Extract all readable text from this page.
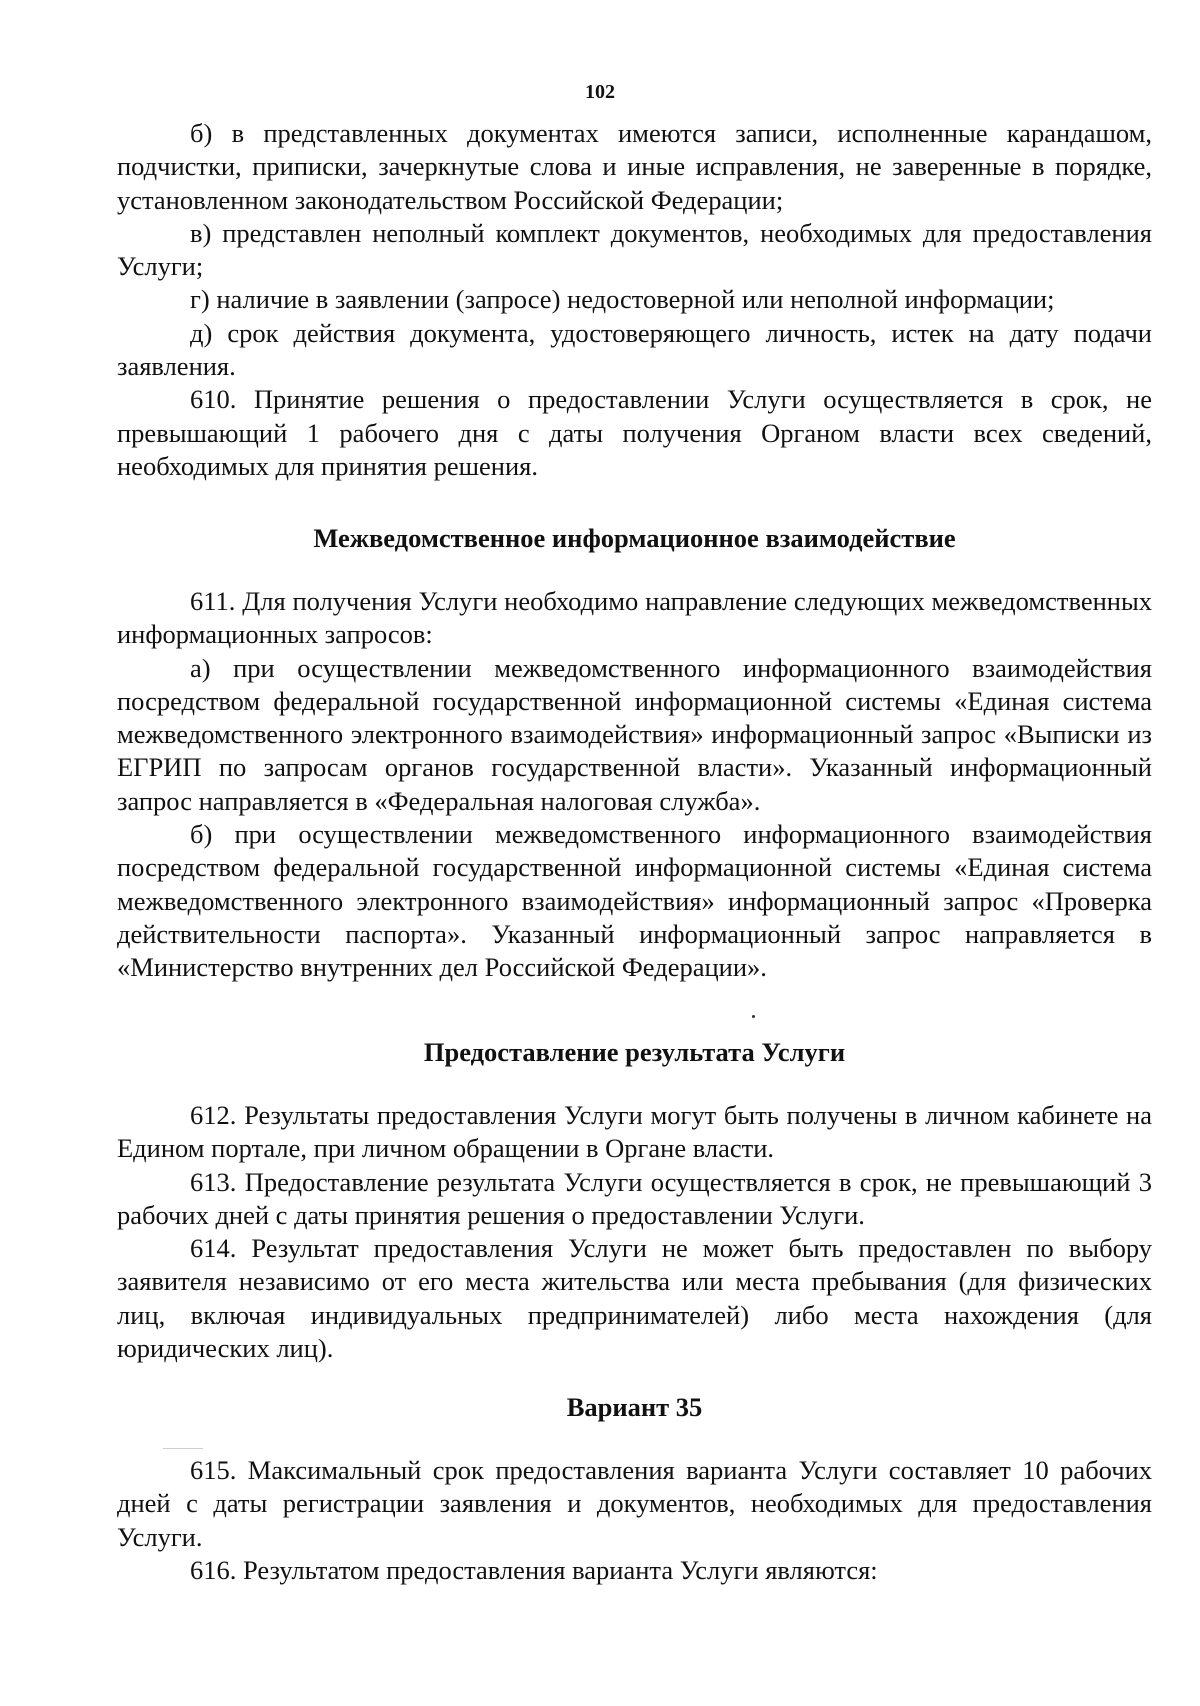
102

б) в представленных документах имеются записи, исполненные карандашом, подчистки, приписки, зачеркнутые слова и иные исправления, не заверенные в порядке, установленном законодательством Российской Федерации;

в) представлен неполный комплект документов, необходимых для предоставления Услуги;

г) наличие в заявлении (запросе) недостоверной или неполной информации;

д) срок действия документа, удостоверяющего личность, истек на дату подачи заявления.

610. Принятие решения о предоставлении Услуги осуществляется в срок, не превышающий 1 рабочего дня с даты получения Органом власти всех сведений, необходимых для принятия решения.

Межведомственное информационное взаимодействие

611. Для получения Услуги необходимо направление следующих межведомственных информационных запросов:

а) при осуществлении межведомственного информационного взаимодействия посредством федеральной государственной информационной системы «Единая система межведомственного электронного взаимодействия» информационный запрос «Выписки из ЕГРИП по запросам органов государственной власти». Указанный информационный запрос направляется в «Федеральная налоговая служба».

б) при осуществлении межведомственного информационного взаимодействия посредством федеральной государственной информационной системы «Единая система межведомственного электронного взаимодействия» информационный запрос «Проверка действительности паспорта». Указанный информационный запрос направляется в «Министерство внутренних дел Российской Федерации».

Предоставление результата Услуги

612. Результаты предоставления Услуги могут быть получены в личном кабинете на Едином портале, при личном обращении в Органе власти.

613. Предоставление результата Услуги осуществляется в срок, не превышающий 3 рабочих дней с даты принятия решения о предоставлении Услуги.

614. Результат предоставления Услуги не может быть предоставлен по выбору заявителя независимо от его места жительства или места пребывания (для физических лиц, включая индивидуальных предпринимателей) либо места нахождения (для юридических лиц).

Вариант 35

615. Максимальный срок предоставления варианта Услуги составляет 10 рабочих дней с даты регистрации заявления и документов, необходимых для предоставления Услуги.

616. Результатом предоставления варианта Услуги являются:
